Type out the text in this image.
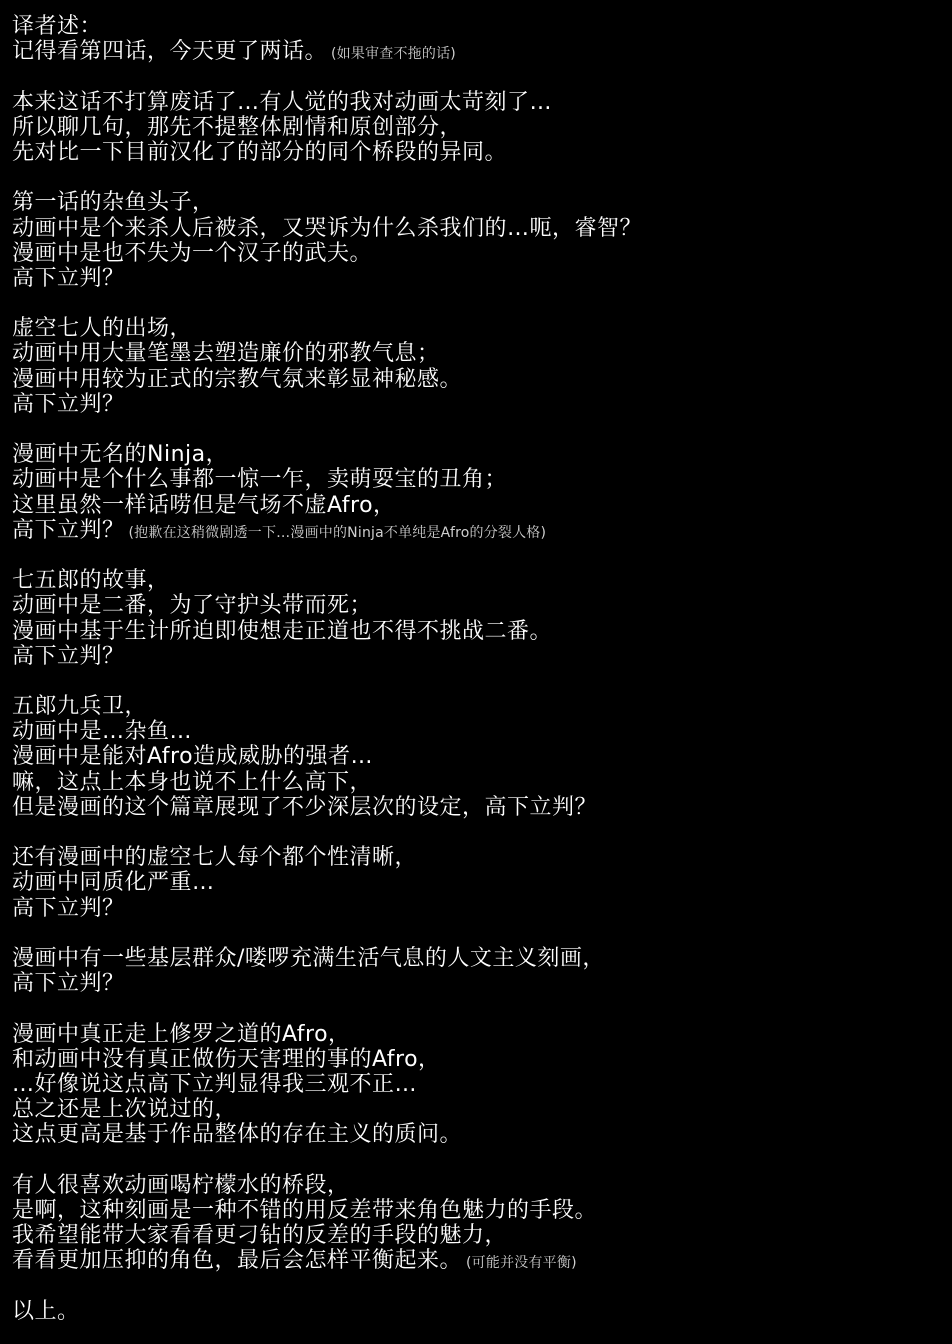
译者述：
记得看第四话，今天更了两话。 (如果审查不拖的话)
本来这话不打算废话了…有人觉的我对动画太苛刻了…
所以聊几句，那先不提整体剧情和原创部分，
先对比一下目前汉化了的部分的同个桥段的异同。
第一话的杂鱼头子，
动画中是个来杀人后被杀，又哭诉为什么杀我们的…呃，睿智？
漫画中是也不失为一个汉子的武夫。
高下立判？
虚空七人的出场，
动画中用大量笔墨去塑造廉价的邪教气息；
漫画中用较为正式的宗教气氛来彰显神秘感。
高下立判？
漫画中无名的Ninja，
动画中是个什么事都一惊一乍，卖萌耍宝的丑角；
这里虽然一样话唠但是气场不虚Afro，
高下立判？ (抱歉在这稍微剧透一下…漫画中的Ninja不单纯是Afro的分裂人格)
七五郎的故事，
动画中是二番，为了守护头带而死；
漫画中基于生计所迫即使想走正道也不得不挑战二番。
高下立判？
五郎九兵卫，
动画中是…杂鱼…
漫画中是能对Afro造成威胁的强者…
嘛，这点上本身也说不上什么高下，
但是漫画的这个篇章展现了不少深层次的设定，高下立判？
还有漫画中的虚空七人每个都个性清晰，
动画中同质化严重…
高下立判？
漫画中有一些基层群众/喽啰充满生活气息的人文主义刻画，
高下立判？
漫画中真正走上修罗之道的Afro，
和动画中没有真正做伤天害理的事的Afro，
…好像说这点高下立判显得我三观不正…
总之还是上次说过的，
这点更高是基于作品整体的存在主义的质问。
有人很喜欢动画喝柠檬水的桥段，
是啊，这种刻画是一种不错的用反差带来角色魅力的手段。
我希望能带大家看看更刁钻的反差的手段的魅力，
看看更加压抑的角色，最后会怎样平衡起来。 (可能并没有平衡)
以上。
